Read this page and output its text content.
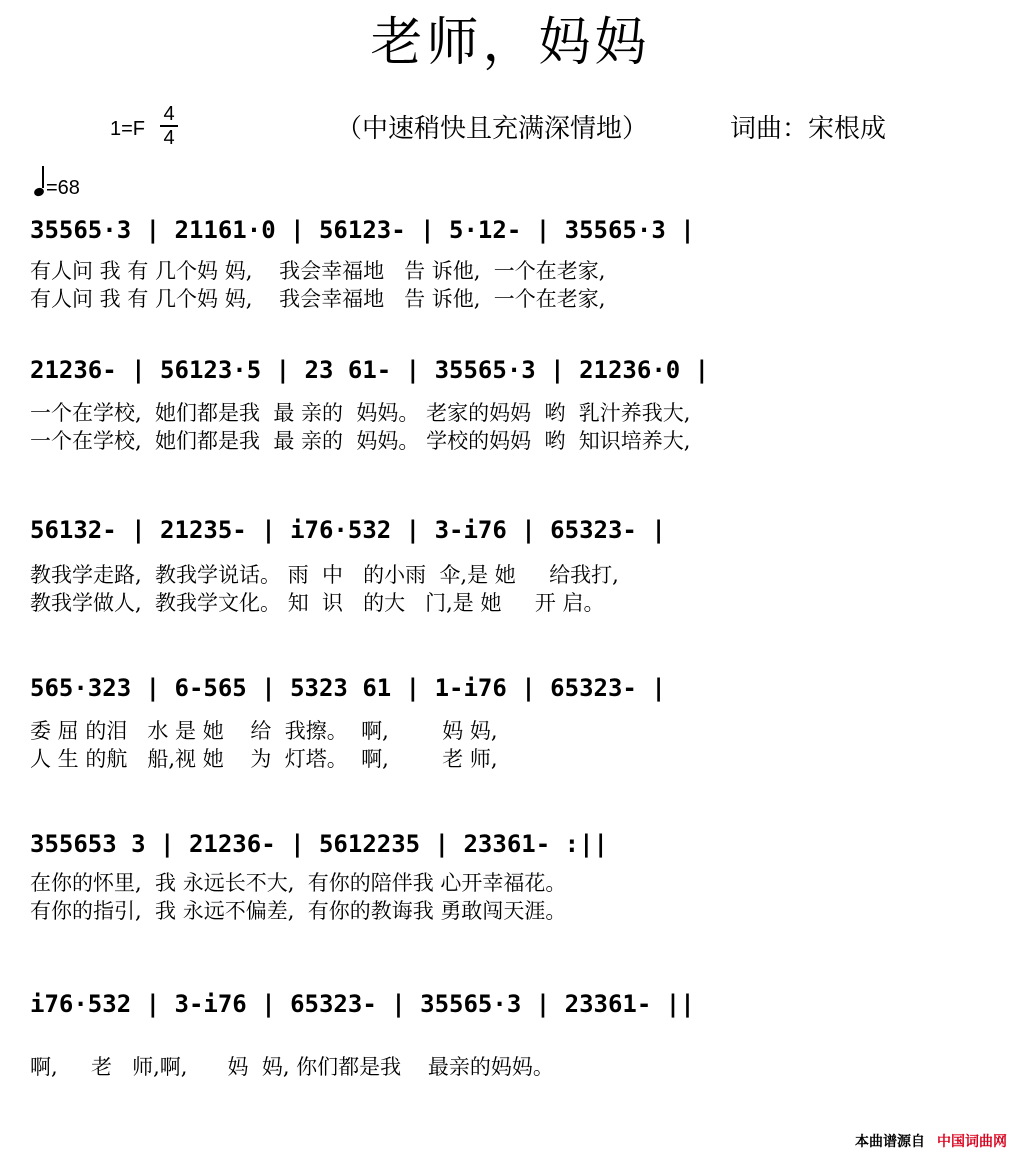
老师，妈妈
1=F
4
4	（中速稍快且充满深情地）	词曲：宋根成
=68
35565·3 | 21161·0 | 56123- | 5·12- | 35565·3 |
有人问 我 有 几个妈 妈,    我会幸福地   告 诉他,  一个在老家,
有人问 我 有 几个妈 妈,    我会幸福地   告 诉他,  一个在老家,
21236- | 56123·5 | 23 61- | 35565·3 | 21236·0 |
一个在学校,  她们都是我  最 亲的  妈妈。 老家的妈妈  哟  乳汁养我大,
一个在学校,  她们都是我  最 亲的  妈妈。 学校的妈妈  哟  知识培养大,
56132- | 21235- | i76·532 | 3-i76 | 65323- |
教我学走路,  教我学说话。 雨  中   的小雨  伞,是 她     给我打,
教我学做人,  教我学文化。 知  识   的大   门,是 她     开 启。
565·323 | 6-565 | 5323 61 | 1-i76 | 65323- |
委 屈 的泪   水 是 她    给  我擦。  啊,        妈 妈,
人 生 的航   船,视 她    为  灯塔。  啊,        老 师,
355653 3 | 21236- | 5612235 | 23361- :||
在你的怀里,  我 永远长不大,  有你的陪伴我 心开幸福花。
有你的指引,  我 永远不偏差,  有你的教诲我 勇敢闯天涯。
i76·532 | 3-i76 | 65323- | 35565·3 | 23361- ||
啊,     老   师,啊,      妈  妈, 你们都是我    最亲的妈妈。
本曲谱源自 中国词曲网
